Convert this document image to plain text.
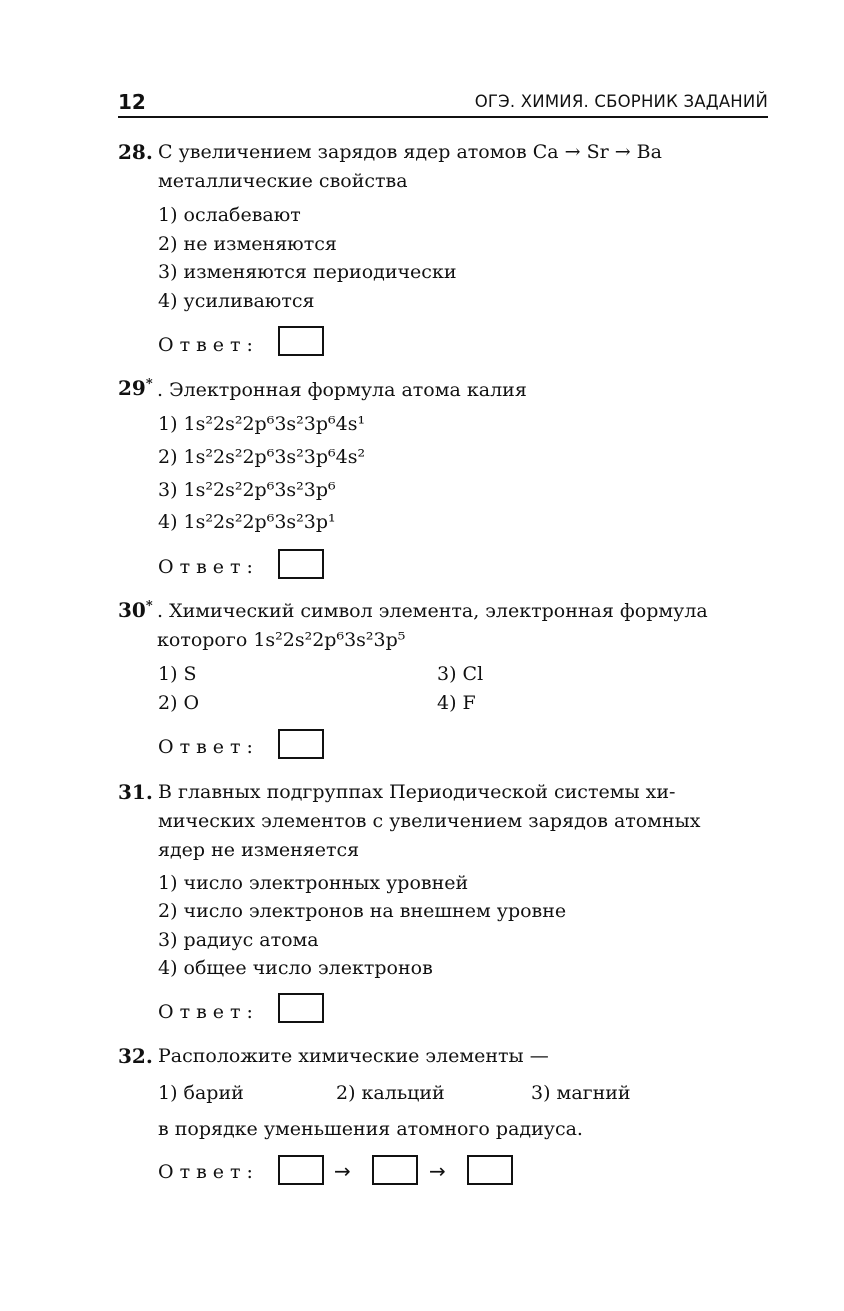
12	ОГЭ. ХИМИЯ. СБОРНИК ЗАДАНИЙ
28. С увеличением зарядов ядер атомов Ca → Sr → Ba
металлические свойства
1) ослабевают
2) не изменяются
3) изменяются периодически
4) усиливаются
Ответ:
29* . Электронная формула атома калия
1) 1s²2s²2p⁶3s²3p⁶4s¹
2) 1s²2s²2p⁶3s²3p⁶4s²
3) 1s²2s²2p⁶3s²3p⁶
4) 1s²2s²2p⁶3s²3p¹
Ответ:
30* . Химический символ элемента, электронная формула
которого 1s²2s²2p⁶3s²3p⁵
1) S
2) O
3) Cl
4) F
Ответ:
31. В главных подгруппах Периодической системы хи-
мических элементов с увеличением зарядов атомных
ядер не изменяется
1) число электронных уровней
2) число электронов на внешнем уровне
3) радиус атома
4) общее число электронов
Ответ:
32. Расположите химические элементы —
1) барий	2) кальций	3) магний
в порядке уменьшения атомного радиуса.
Ответ:	→	→
